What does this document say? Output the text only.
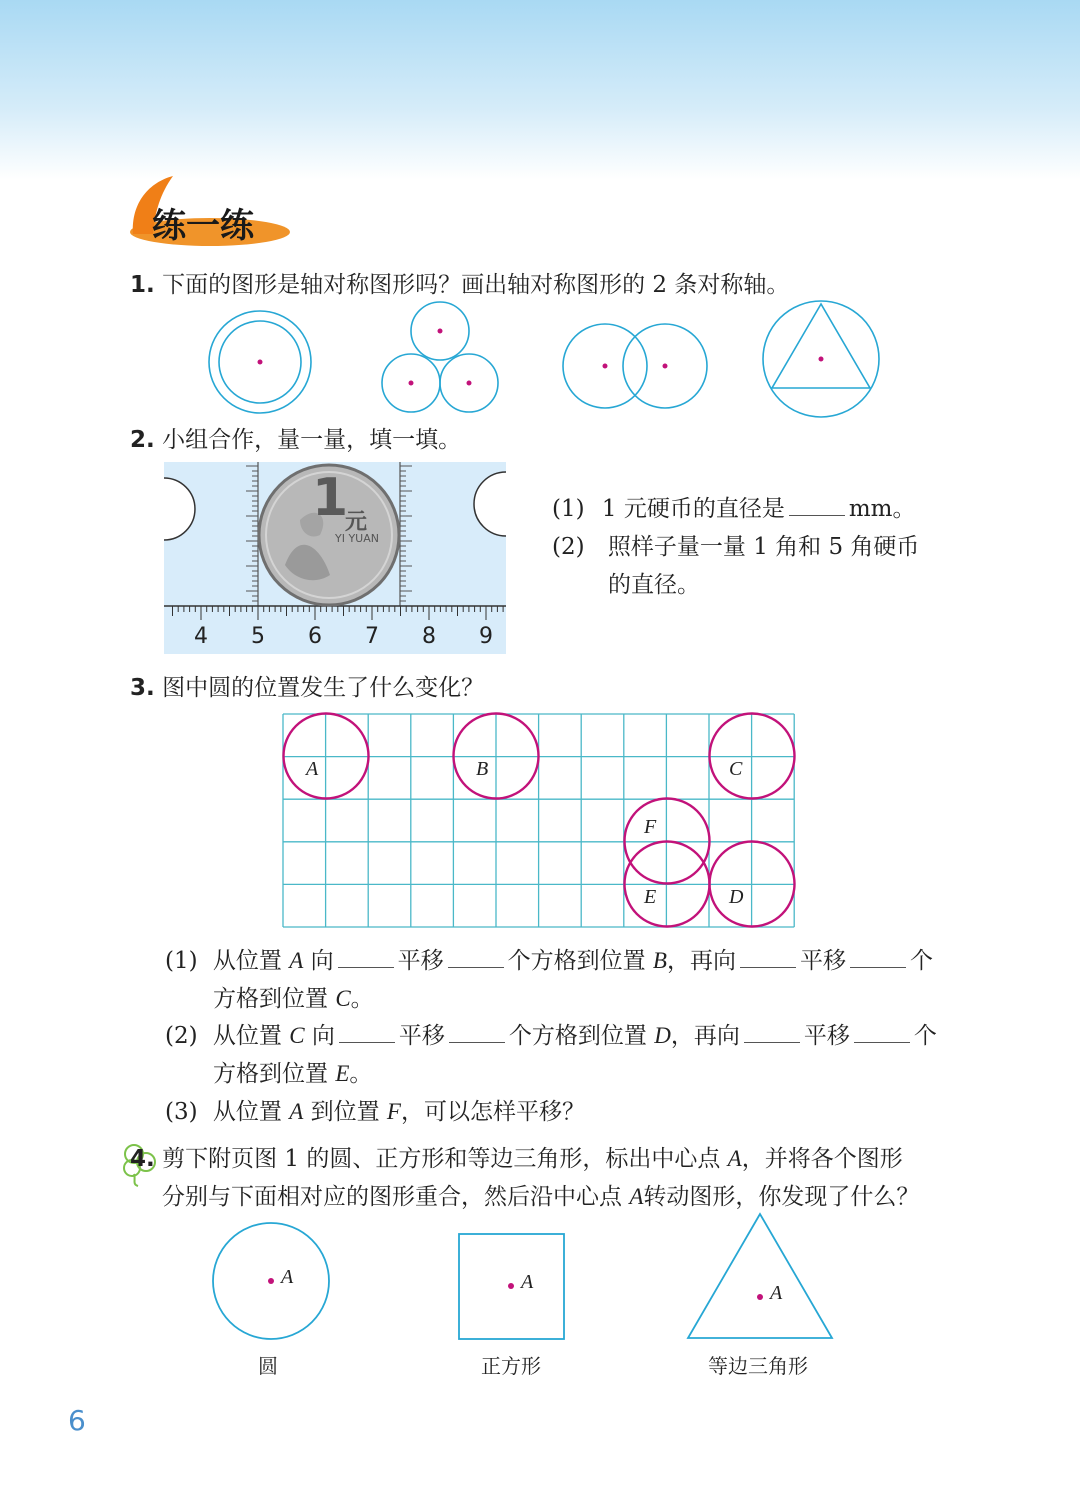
练一练
1. 下面的图形是轴对称图形吗？画出轴对称图形的 2 条对称轴。
2. 小组合作，量一量，填一填。
1
元
YI YUAN
4 5 6 7 8 9
(1) 1 元硬币的直径是	mm。
(2) 照样子量一量 1 角和 5 角硬币
的直径。
3. 图中圆的位置发生了什么变化？
A	B	C
F
E	D
(1) 从位置 A 向	平移	个方格到位置 B，再向	平移	个
方格到位置 C。
(2) 从位置 C 向	平移	个方格到位置 D，再向	平移	个
方格到位置 E。
(3) 从位置 A 到位置 F，可以怎样平移？
4. 剪下附页图 1 的圆、正方形和等边三角形，标出中心点 A，并将各个图形
分别与下面相对应的图形重合，然后沿中心点 A转动图形，你发现了什么？
A	A	A
圆	正方形	等边三角形
6
